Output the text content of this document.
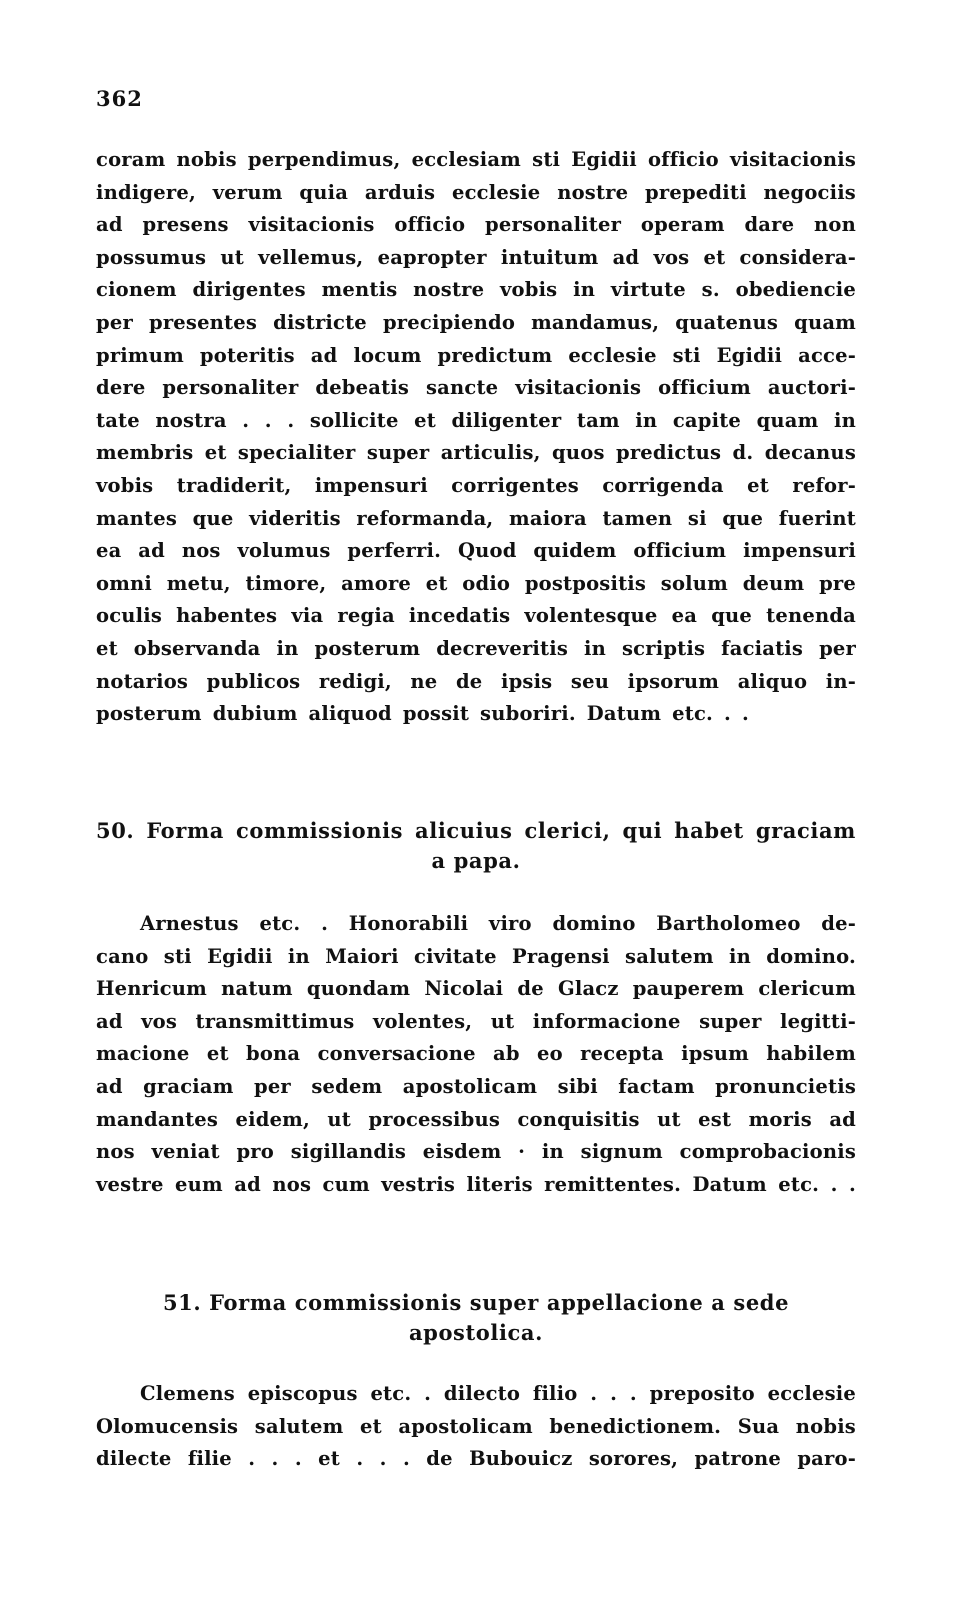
362
coram nobis perpendimus, ecclesiam sti Egidii officio visitacionis
indigere, verum quia arduis ecclesie nostre prepediti negociis
ad presens visitacionis officio personaliter operam dare non
possumus ut vellemus, eapropter intuitum ad vos et considera-
cionem dirigentes mentis nostre vobis in virtute s. obediencie
per presentes districte precipiendo mandamus, quatenus quam
primum poteritis ad locum predictum ecclesie sti Egidii acce-
dere personaliter debeatis sancte visitacionis officium auctori-
tate nostra . . . sollicite et diligenter tam in capite quam in
membris et specialiter super articulis, quos predictus d. decanus
vobis tradiderit, impensuri corrigentes corrigenda et refor-
mantes que videritis reformanda, maiora tamen si que fuerint
ea ad nos volumus perferri. Quod quidem officium impensuri
omni metu, timore, amore et odio postpositis solum deum pre
oculis habentes via regia incedatis volentesque ea que tenenda
et observanda in posterum decreveritis in scriptis faciatis per
notarios publicos redigi, ne de ipsis seu ipsorum aliquo in-
posterum dubium aliquod possit suboriri. Datum etc. . .
50. Forma commissionis alicuius clerici, qui habet graciam
a papa.
Arnestus etc. . Honorabili viro domino Bartholomeo de-
cano sti Egidii in Maiori civitate Pragensi salutem in domino.
Henricum natum quondam Nicolai de Glacz pauperem clericum
ad vos transmittimus volentes, ut informacione super legitti-
macione et bona conversacione ab eo recepta ipsum habilem
ad graciam per sedem apostolicam sibi factam pronuncietis
mandantes eidem, ut processibus conquisitis ut est moris ad
nos veniat pro sigillandis eisdem · in signum comprobacionis
vestre eum ad nos cum vestris literis remittentes. Datum etc. . .
51. Forma commissionis super appellacione a sede
apostolica.
Clemens episcopus etc. . dilecto filio . . . preposito ecclesie
Olomucensis salutem et apostolicam benedictionem. Sua nobis
dilecte filie . . . et . . . de Bubouicz sorores, patrone paro-
